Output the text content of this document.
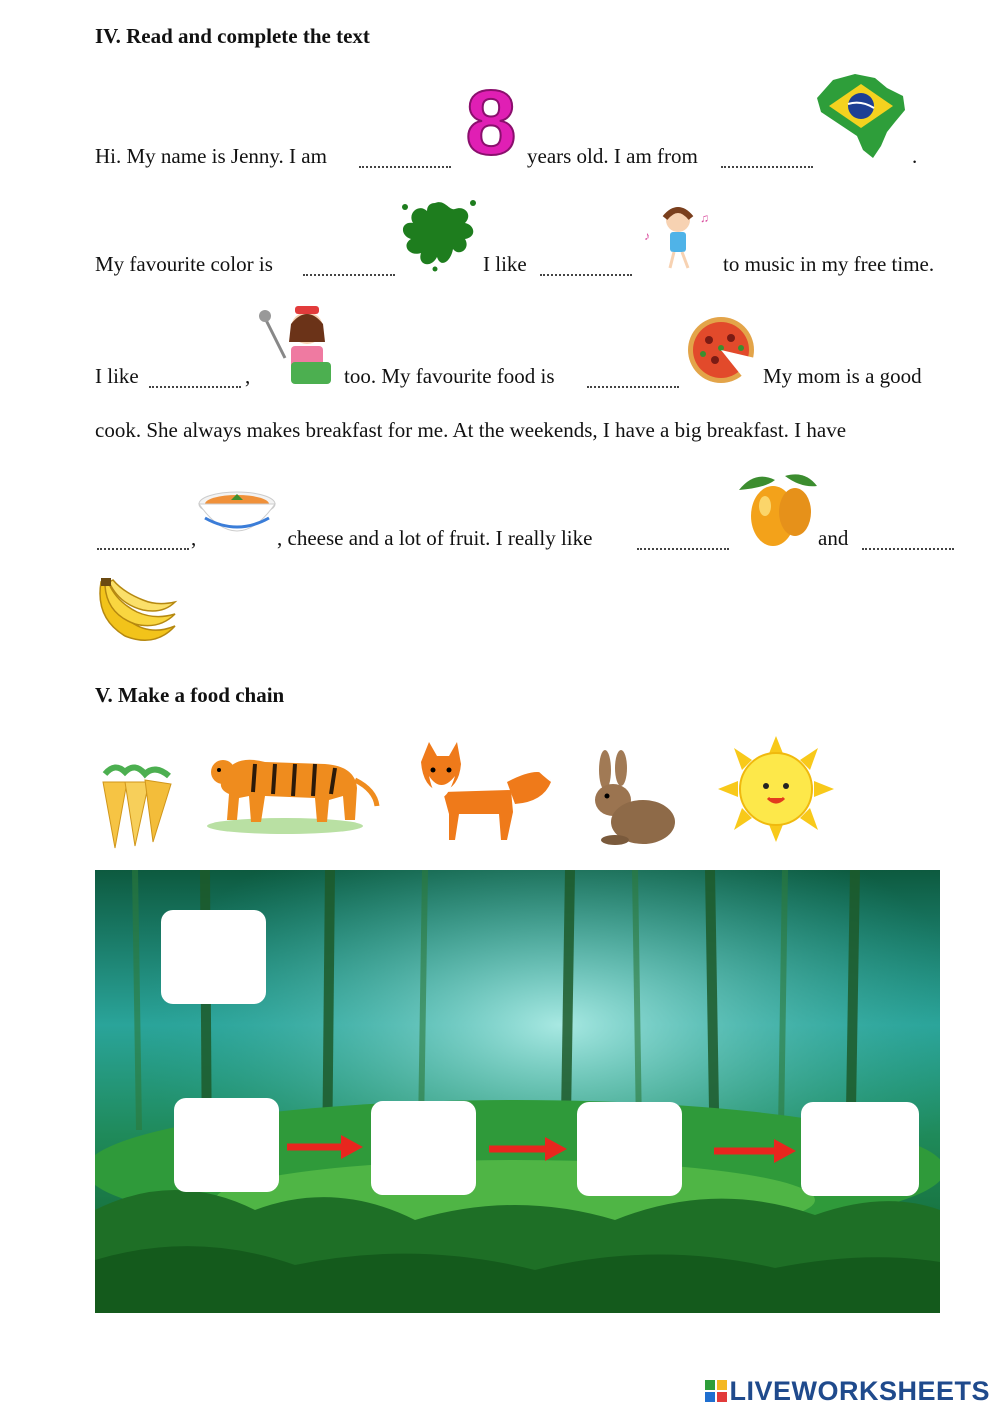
IV. Read and complete the text
Hi. My name is Jenny. I am 8 years old. I am from	.
My favourite color is	I like
♪
♫
to music in my free time.
I like	,	too. My favourite food is	My mom is a good
cook. She always makes breakfast for me. At the weekends, I have a big breakfast. I have
,	, cheese and a lot of fruit. I really like	and
V. Make a food chain
LIVEWORKSHEETS
